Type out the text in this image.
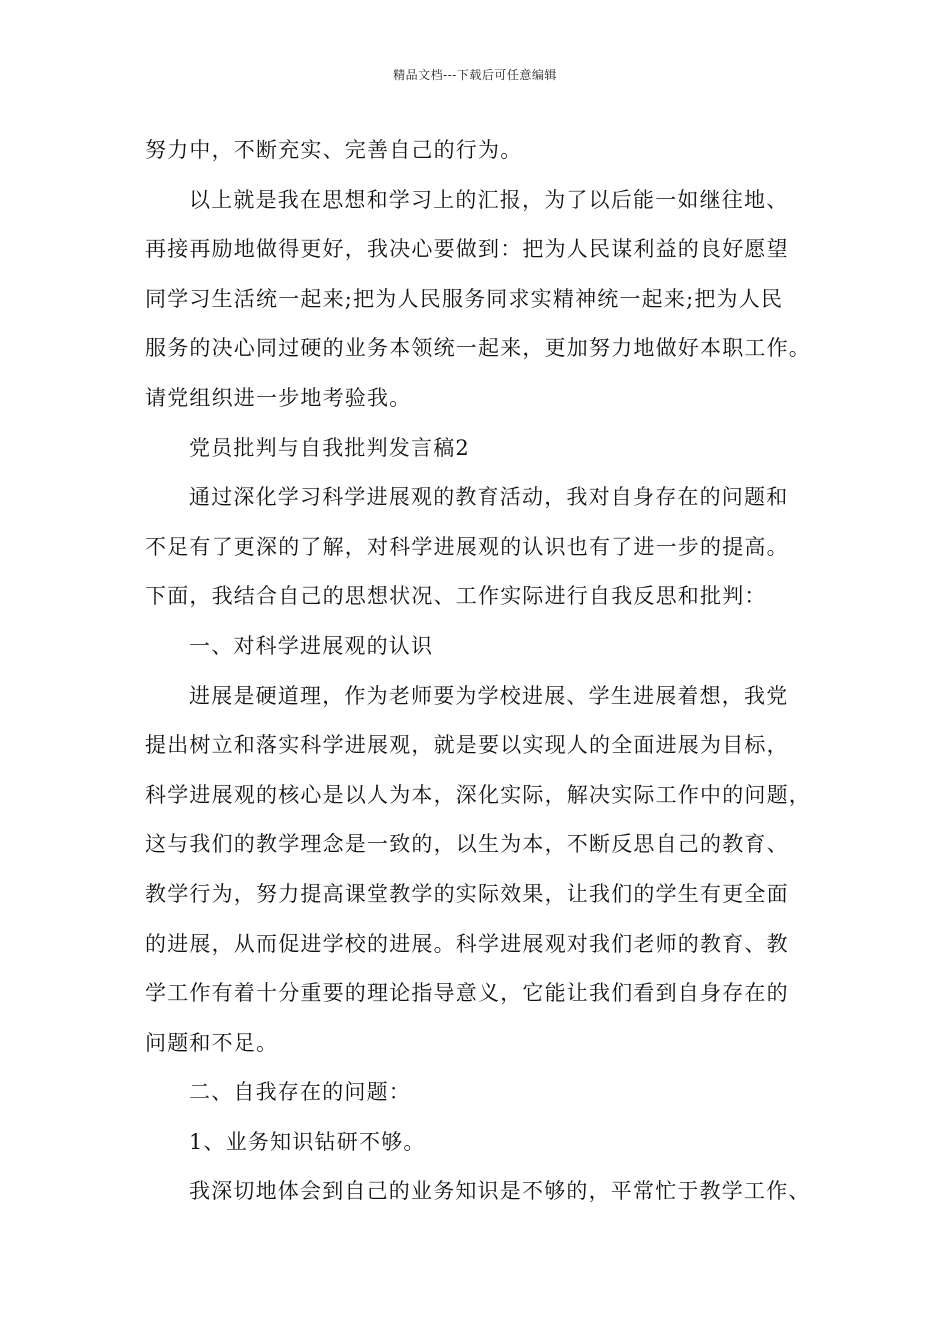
精品文档---下载后可任意编辑
努力中，不断充实、完善自己的行为。
以上就是我在思想和学习上的汇报，为了以后能一如继往地、
再接再励地做得更好，我决心要做到：把为人民谋利益的良好愿望
同学习生活统一起来;把为人民服务同求实精神统一起来;把为人民
服务的决心同过硬的业务本领统一起来，更加努力地做好本职工作。
请党组织进一步地考验我。
党员批判与自我批判发言稿2
通过深化学习科学进展观的教育活动，我对自身存在的问题和
不足有了更深的了解，对科学进展观的认识也有了进一步的提高。
下面，我结合自己的思想状况、工作实际进行自我反思和批判：
一、对科学进展观的认识
进展是硬道理，作为老师要为学校进展、学生进展着想，我党
提出树立和落实科学进展观，就是要以实现人的全面进展为目标，
科学进展观的核心是以人为本，深化实际，解决实际工作中的问题，
这与我们的教学理念是一致的，以生为本，不断反思自己的教育、
教学行为，努力提高课堂教学的实际效果，让我们的学生有更全面
的进展，从而促进学校的进展。科学进展观对我们老师的教育、教
学工作有着十分重要的理论指导意义，它能让我们看到自身存在的
问题和不足。
二、自我存在的问题：
1、业务知识钻研不够。
我深切地体会到自己的业务知识是不够的，平常忙于教学工作、
